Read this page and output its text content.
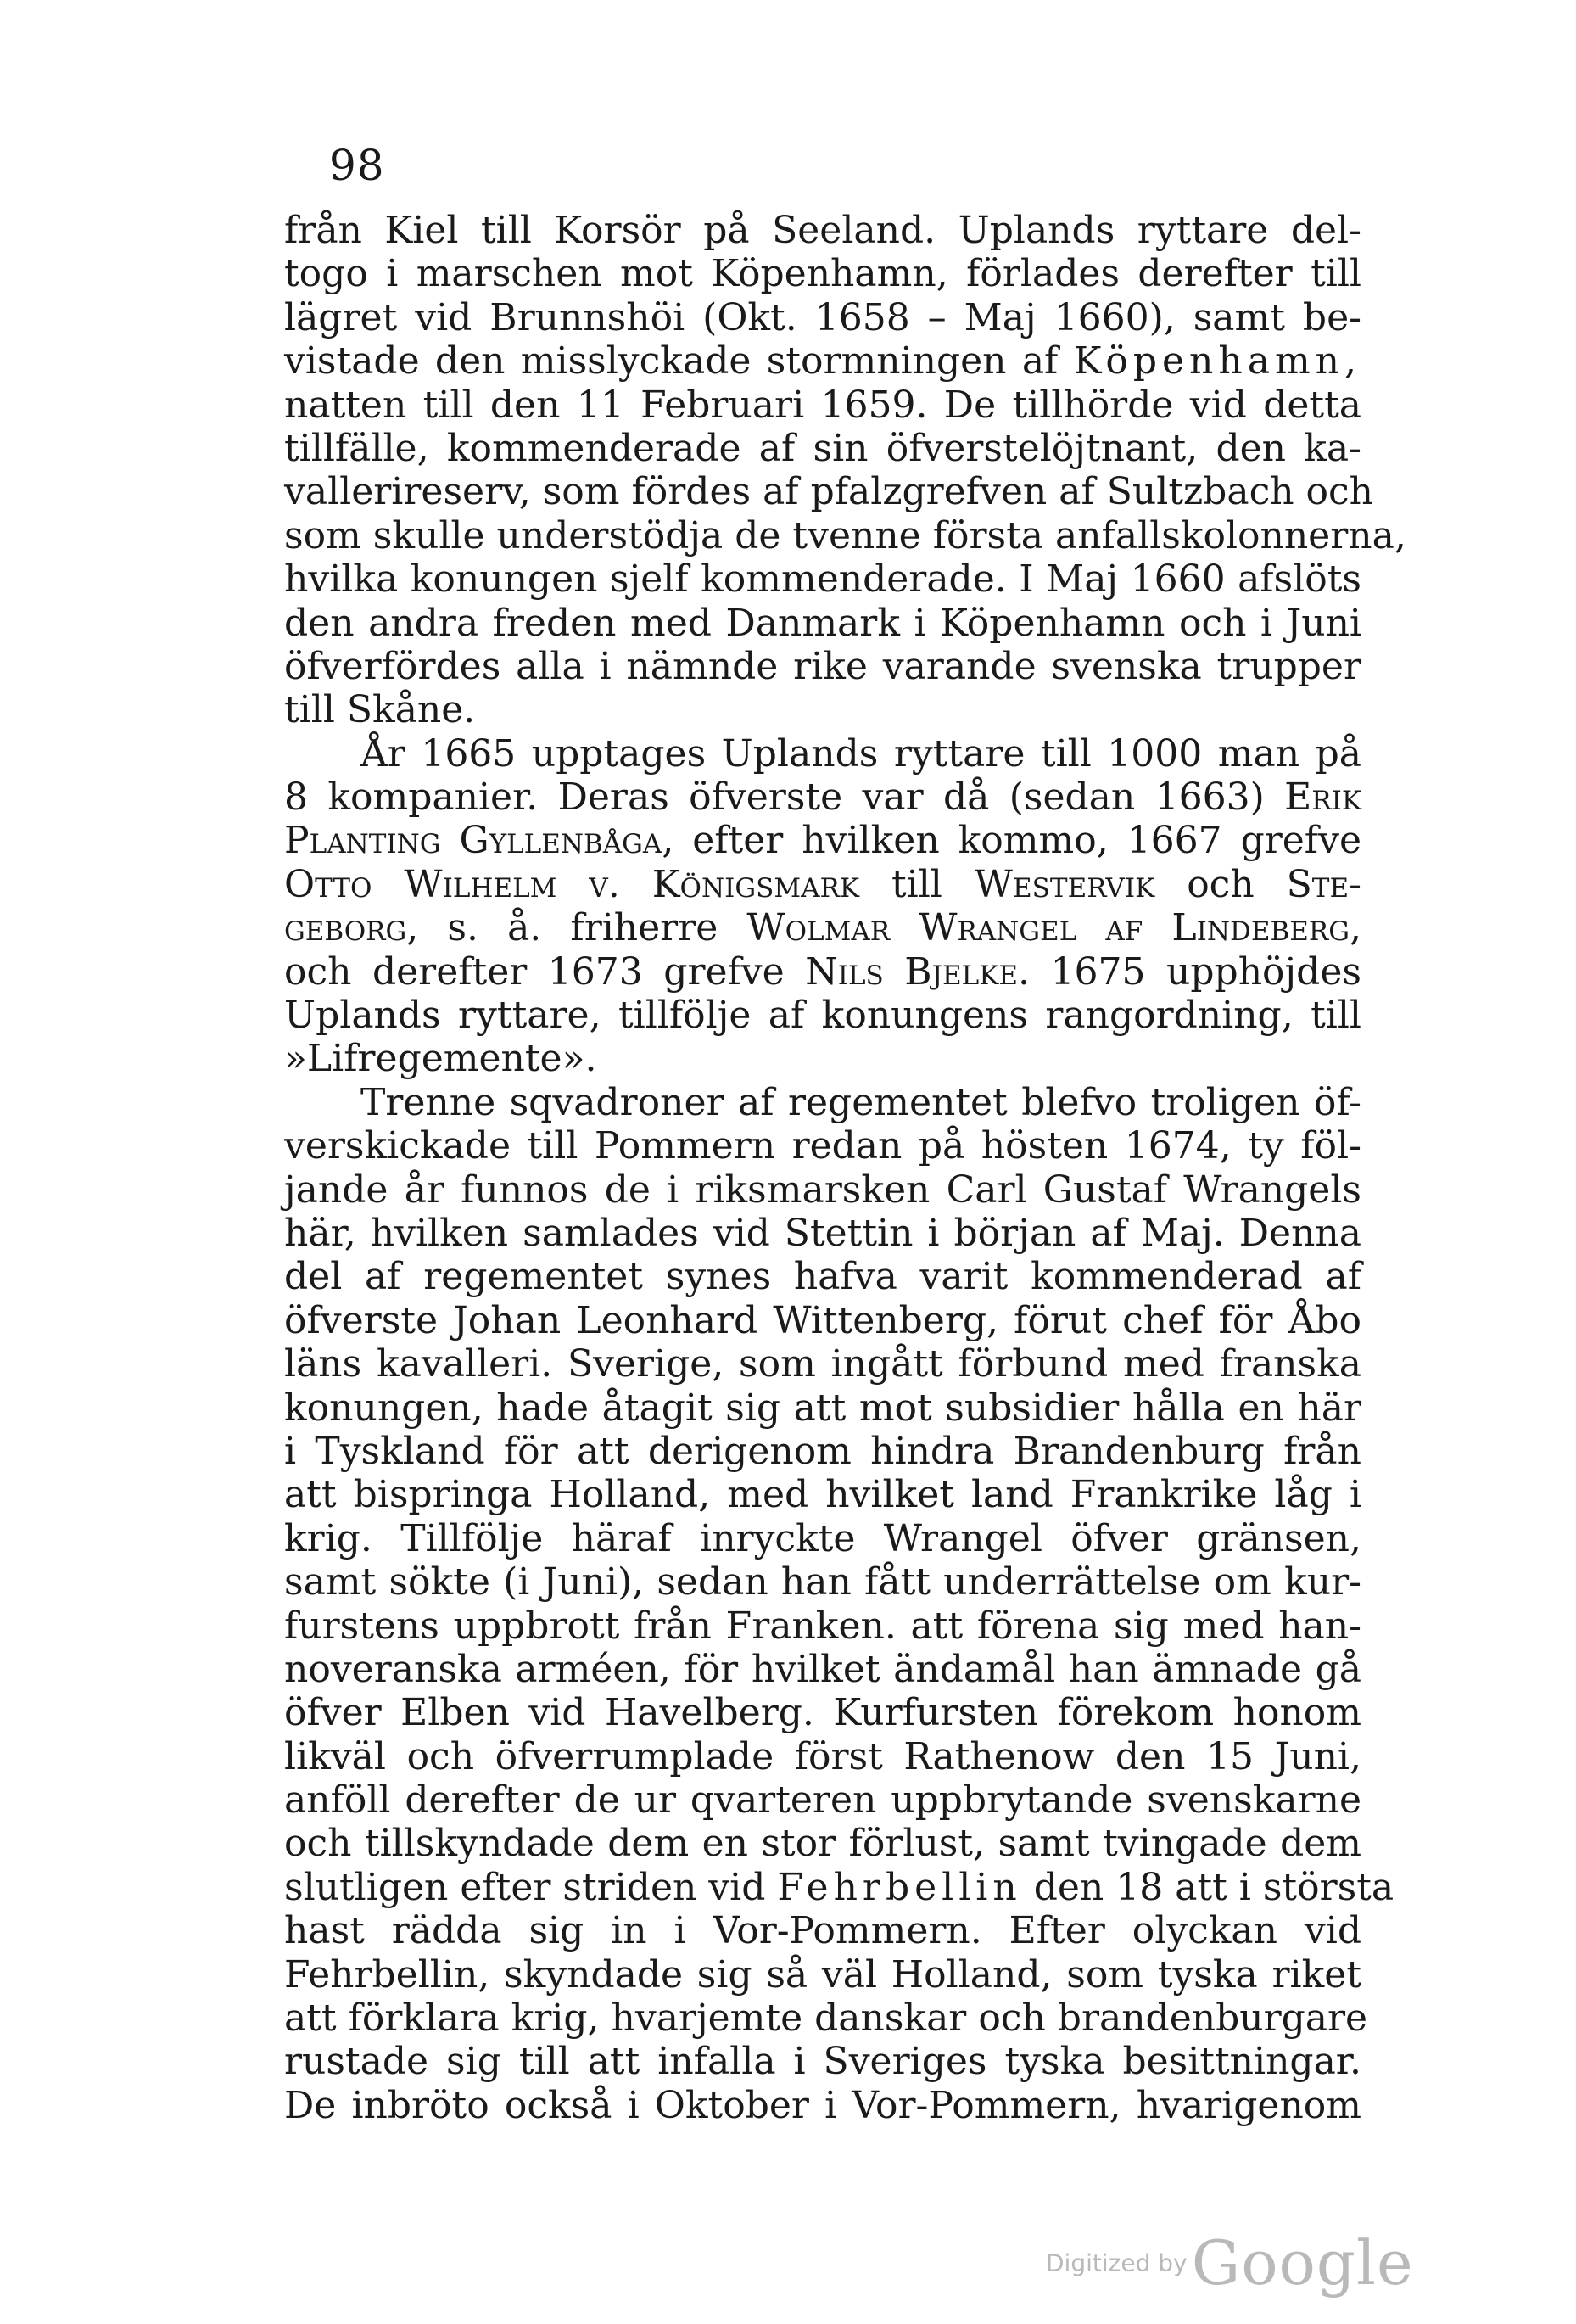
98
från Kiel till Korsör på Seeland. Uplands ryttare del-
togo i marschen mot Köpenhamn, förlades derefter till
lägret vid Brunnshöi (Okt. 1658 – Maj 1660), samt be-
vistade den misslyckade stormningen af Köpenhamn,
natten till den 11 Februari 1659. De tillhörde vid detta
tillfälle, kommenderade af sin öfverstelöjtnant, den ka-
vallerireserv, som fördes af pfalzgrefven af Sultzbach och
som skulle understödja de tvenne första anfallskolonnerna,
hvilka konungen sjelf kommenderade. I Maj 1660 afslöts
den andra freden med Danmark i Köpenhamn och i Juni
öfverfördes alla i nämnde rike varande svenska trupper
till Skåne.
År 1665 upptages Uplands ryttare till 1000 man på
8 kompanier. Deras öfverste var då (sedan 1663) Erik
Planting Gyllenbåga, efter hvilken kommo, 1667 grefve
Otto Wilhelm v. Königsmark till Westervik och Ste-
geborg, s. å. friherre Wolmar Wrangel af Lindeberg,
och derefter 1673 grefve Nils Bjelke. 1675 upphöjdes
Uplands ryttare, tillfölje af konungens rangordning, till
»Lifregemente».
Trenne sqvadroner af regementet blefvo troligen öf-
verskickade till Pommern redan på hösten 1674, ty föl-
jande år funnos de i riksmarsken Carl Gustaf Wrangels
här, hvilken samlades vid Stettin i början af Maj. Denna
del af regementet synes hafva varit kommenderad af
öfverste Johan Leonhard Wittenberg, förut chef för Åbo
läns kavalleri. Sverige, som ingått förbund med franska
konungen, hade åtagit sig att mot subsidier hålla en här
i Tyskland för att derigenom hindra Brandenburg från
att bispringa Holland, med hvilket land Frankrike låg i
krig. Tillfölje häraf inryckte Wrangel öfver gränsen,
samt sökte (i Juni), sedan han fått underrättelse om kur-
furstens uppbrott från Franken. att förena sig med han-
noveranska arméen, för hvilket ändamål han ämnade gå
öfver Elben vid Havelberg. Kurfursten förekom honom
likväl och öfverrumplade först Rathenow den 15 Juni,
anföll derefter de ur qvarteren uppbrytande svenskarne
och tillskyndade dem en stor förlust, samt tvingade dem
slutligen efter striden vid Fehrbellin den 18 att i största
hast rädda sig in i Vor-Pommern. Efter olyckan vid
Fehrbellin, skyndade sig så väl Holland, som tyska riket
att förklara krig, hvarjemte danskar och brandenburgare
rustade sig till att infalla i Sveriges tyska besittningar.
De inbröto också i Oktober i Vor-Pommern, hvarigenom
Digitized by Google
